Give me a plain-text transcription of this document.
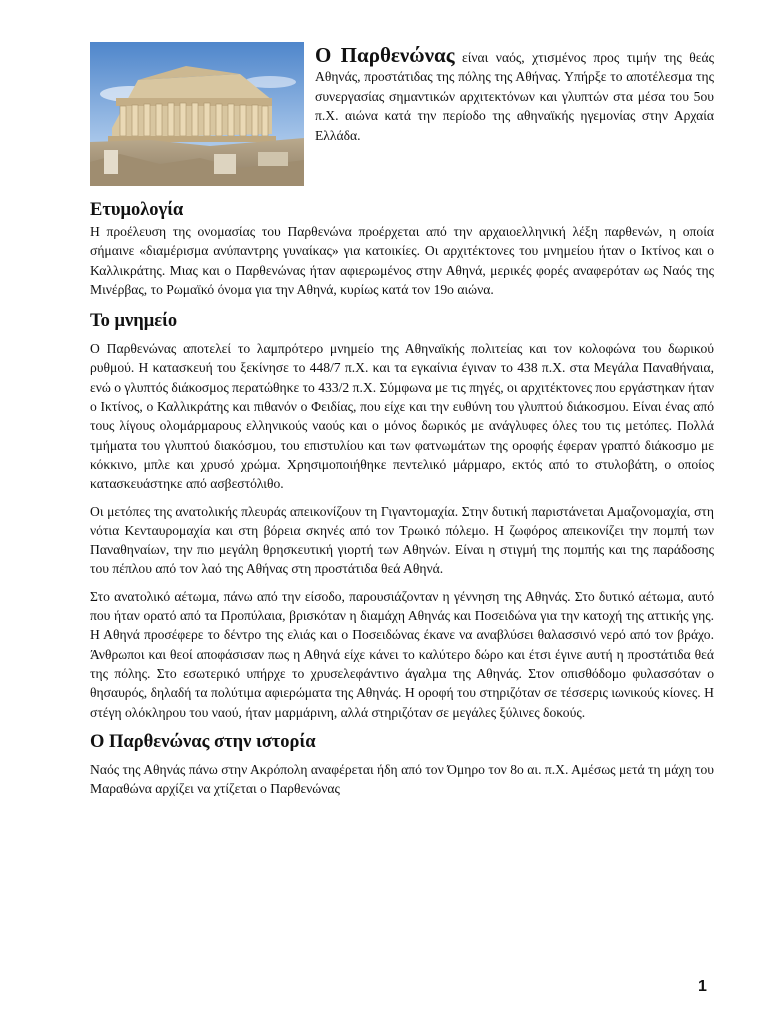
Ο Παρθενώνας είναι ναός, χτισμένος προς τιμήν της θεάς Αθηνάς, προστάτιδας της πόλης της Αθήνας. Υπήρξε το αποτέλεσμα της συνεργασίας σημαντικών αρχιτεκτόνων και γλυπτών στα μέσα του 5ου π.Χ. αιώνα κατά την περίοδο της αθηναϊκής ηγεμονίας στην Αρχαία Ελλάδα.
Ετυμολογία

Η προέλευση της ονομασίας του Παρθενώνα προέρχεται από την αρχαιοελληνική λέξη παρθενών, η οποία σήμαινε «διαμέρισμα ανύπαντρης γυναίκας» για κατοικίες. Οι αρχιτέκτονες του μνημείου ήταν ο Ικτίνος και ο Καλλικράτης. Μιας και ο Παρθενώνας ήταν αφιερωμένος στην Αθηνά, μερικές φορές αναφερόταν ως Ναός της Μινέρβας, το Ρωμαϊκό όνομα για την Αθηνά, κυρίως κατά τον 19ο αιώνα.

Το μνημείο

Ο Παρθενώνας αποτελεί το λαμπρότερο μνημείο της Αθηναϊκής πολιτείας και τον κολοφώνα του δωρικού ρυθμού. Η κατασκευή του ξεκίνησε το 448/7 π.Χ. και τα εγκαίνια έγιναν το 438 π.Χ. στα Μεγάλα Παναθήναια, ενώ ο γλυπτός διάκοσμος περατώθηκε το 433/2 π.Χ. Σύμφωνα με τις πηγές, οι αρχιτέκτονες που εργάστηκαν ήταν ο Ικτίνος, ο Καλλικράτης και πιθανόν ο Φειδίας, που είχε και την ευθύνη του γλυπτού διάκοσμου. Είναι ένας από τους λίγους ολομάρμαρους ελληνικούς ναούς και ο μόνος δωρικός με ανάγλυφες όλες του τις μετόπες. Πολλά τμήματα του γλυπτού διακόσμου, του επιστυλίου και των φατνωμάτων της οροφής έφεραν γραπτό διάκοσμο με κόκκινο, μπλε και χρυσό χρώμα. Χρησιμοποιήθηκε πεντελικό μάρμαρο, εκτός από το στυλοβάτη, ο οποίος κατασκευάστηκε από ασβεστόλιθο.

Οι μετόπες της ανατολικής πλευράς απεικονίζουν τη Γιγαντομαχία. Στην δυτική παριστάνεται Αμαζονομαχία, στη νότια Κενταυρομαχία και στη βόρεια σκηνές από τον Τρωικό πόλεμο. Η ζωφόρος απεικονίζει την πομπή των Παναθηναίων, την πιο μεγάλη θρησκευτική γιορτή των Αθηνών. Είναι η στιγμή της πομπής και της παράδοσης του πέπλου από τον λαό της Αθήνας στη προστάτιδα θεά Αθηνά.

Στο ανατολικό αέτωμα, πάνω από την είσοδο, παρουσιάζονταν η γέννηση της Αθηνάς. Στο δυτικό αέτωμα, αυτό που ήταν ορατό από τα Προπύλαια, βρισκόταν η διαμάχη Αθηνάς και Ποσειδώνα για την κατοχή της αττικής γης. Η Αθηνά προσέφερε το δέντρο της ελιάς και ο Ποσειδώνας έκανε να αναβλύσει θαλασσινό νερό από τον βράχο. Άνθρωποι και θεοί αποφάσισαν πως η Αθηνά είχε κάνει το καλύτερο δώρο και έτσι έγινε αυτή η προστάτιδα θεά της πόλης. Στο εσωτερικό υπήρχε το χρυσελεφάντινο άγαλμα της Αθηνάς. Στον οπισθόδομο φυλασσόταν ο θησαυρός, δηλαδή τα πολύτιμα αφιερώματα της Αθηνάς. Η οροφή του στηριζόταν σε τέσσερις ιωνικούς κίονες. Η στέγη ολόκληρου του ναού, ήταν μαρμάρινη, αλλά στηριζόταν σε μεγάλες ξύλινες δοκούς.

Ο Παρθενώνας στην ιστορία

Ναός της Αθηνάς πάνω στην Ακρόπολη αναφέρεται ήδη από τον Όμηρο τον 8ο αι. π.Χ. Αμέσως μετά τη μάχη του Μαραθώνα αρχίζει να χτίζεται ο Παρθενώνας

1
